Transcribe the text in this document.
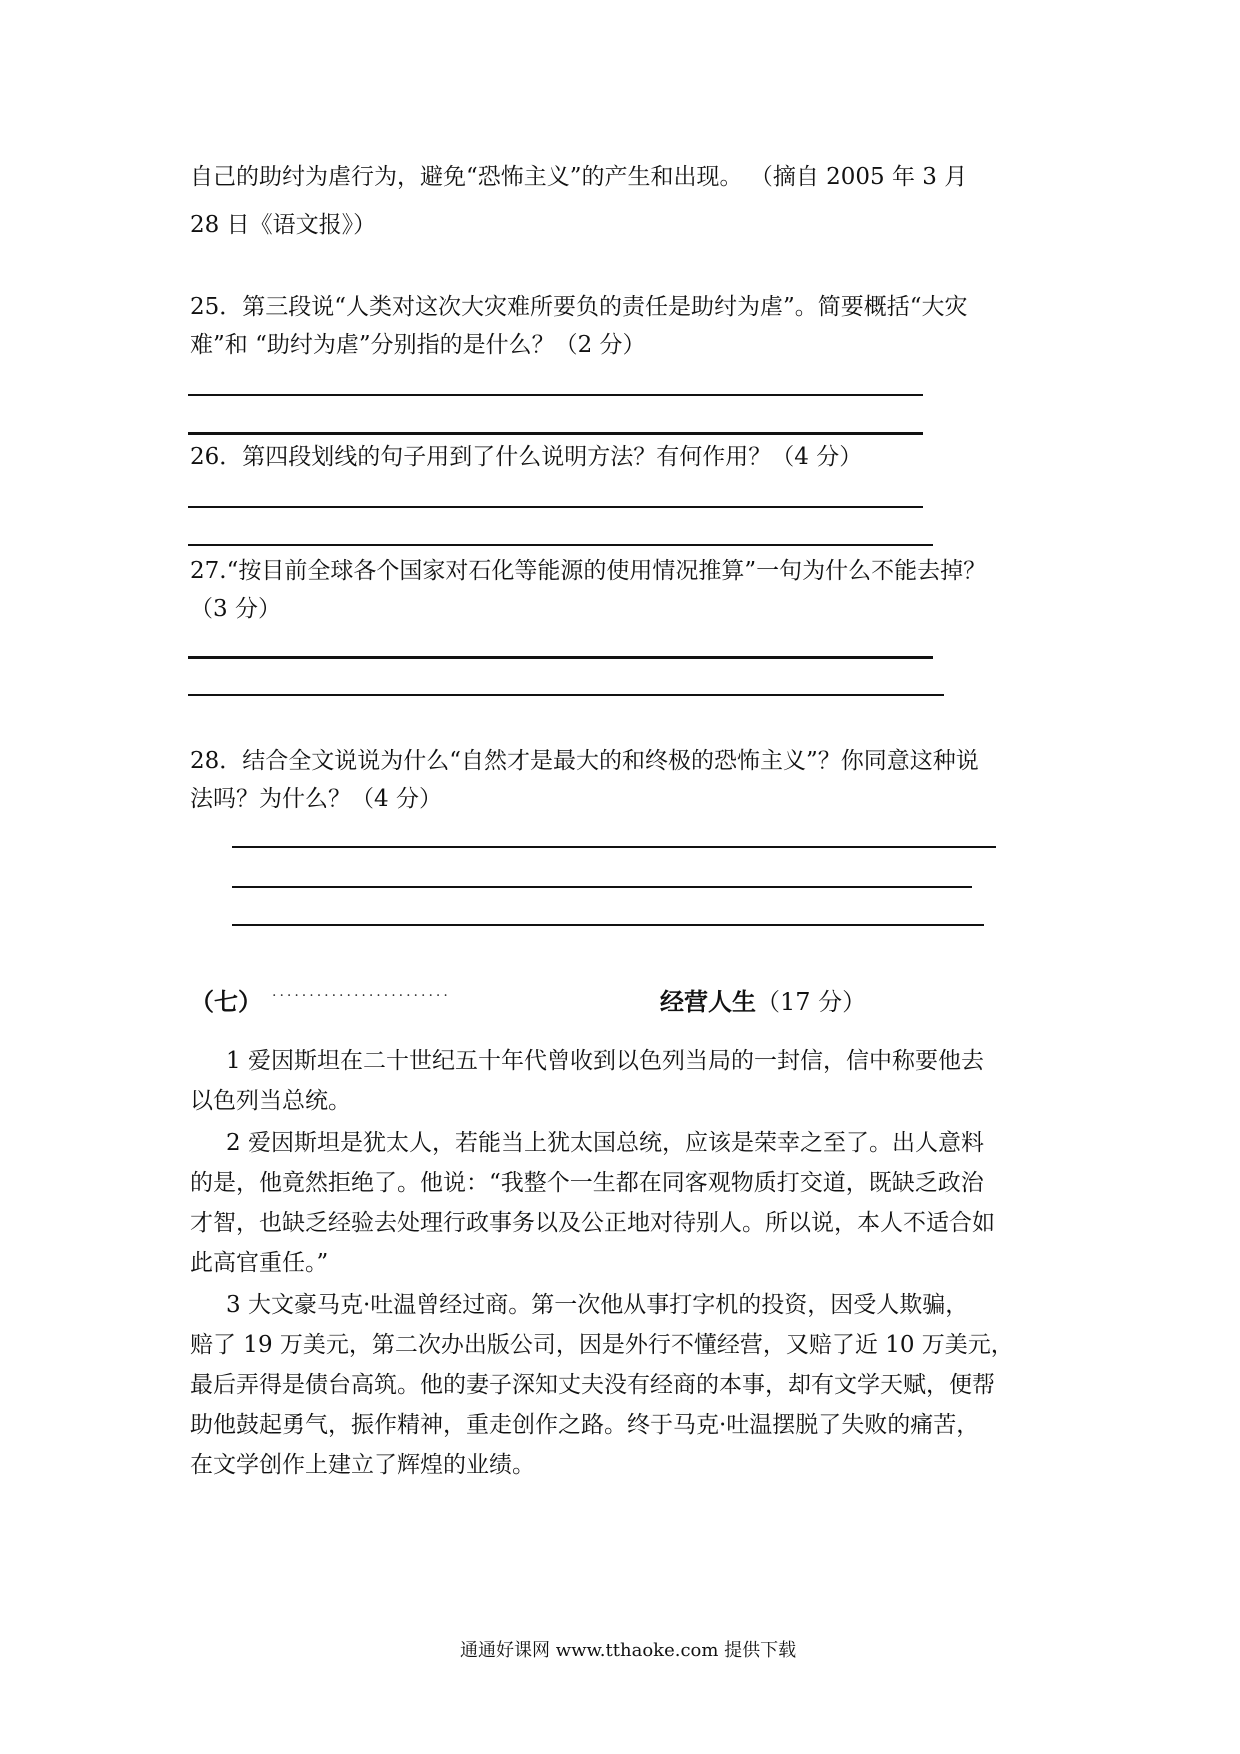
自己的助纣为虐行为，避免“恐怖主义”的产生和出现。 （摘自 2005 年 3 月
28 日《语文报》）
25．第三段说“人类对这次大灾难所要负的责任是助纣为虐”。简要概括“大灾
难”和 “助纣为虐”分别指的是什么？（2 分）
26．第四段划线的句子用到了什么说明方法？有何作用？（4 分）
27.“按目前全球各个国家对石化等能源的使用情况推算”一句为什么不能去掉？
（3 分）
28．结合全文说说为什么“自然才是最大的和终极的恐怖主义”？你同意这种说
法吗？为什么？（4 分）
（七） ........................	经营人生（17 分）
1 爱因斯坦在二十世纪五十年代曾收到以色列当局的一封信，信中称要他去
以色列当总统。
2 爱因斯坦是犹太人，若能当上犹太国总统，应该是荣幸之至了。出人意料
的是，他竟然拒绝了。他说：“我整个一生都在同客观物质打交道，既缺乏政治
才智，也缺乏经验去处理行政事务以及公正地对待别人。所以说，本人不适合如
此高官重任。”
3 大文豪马克·吐温曾经过商。第一次他从事打字机的投资，因受人欺骗，
赔了 19 万美元，第二次办出版公司，因是外行不懂经营，又赔了近 10 万美元，
最后弄得是债台高筑。他的妻子深知丈夫没有经商的本事，却有文学天赋，便帮
助他鼓起勇气，振作精神，重走创作之路。终于马克·吐温摆脱了失败的痛苦，
在文学创作上建立了辉煌的业绩。
通通好课网 www.tthaoke.com 提供下载
